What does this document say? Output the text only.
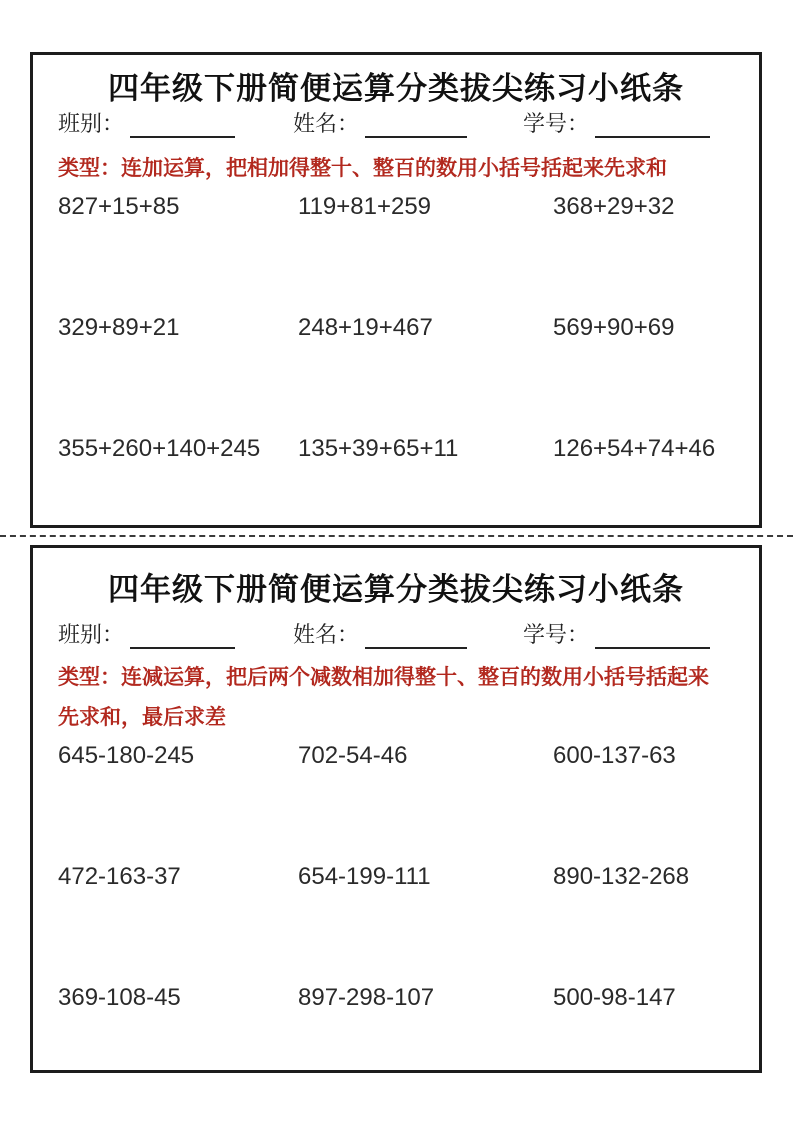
四年级下册简便运算分类拔尖练习小纸条
班别：	姓名：	学号：
类型：连加运算，把相加得整十、整百的数用小括号括起来先求和
827+15+85	119+81+259	368+29+32
329+89+21	248+19+467	569+90+69
355+260+140+245	135+39+65+11	126+54+74+46
四年级下册简便运算分类拔尖练习小纸条
班别：	姓名：	学号：
类型：连减运算，把后两个减数相加得整十、整百的数用小括号括起来先求和，最后求差
645-180-245	702-54-46	600-137-63
472-163-37	654-199-111	890-132-268
369-108-45	897-298-107	500-98-147
